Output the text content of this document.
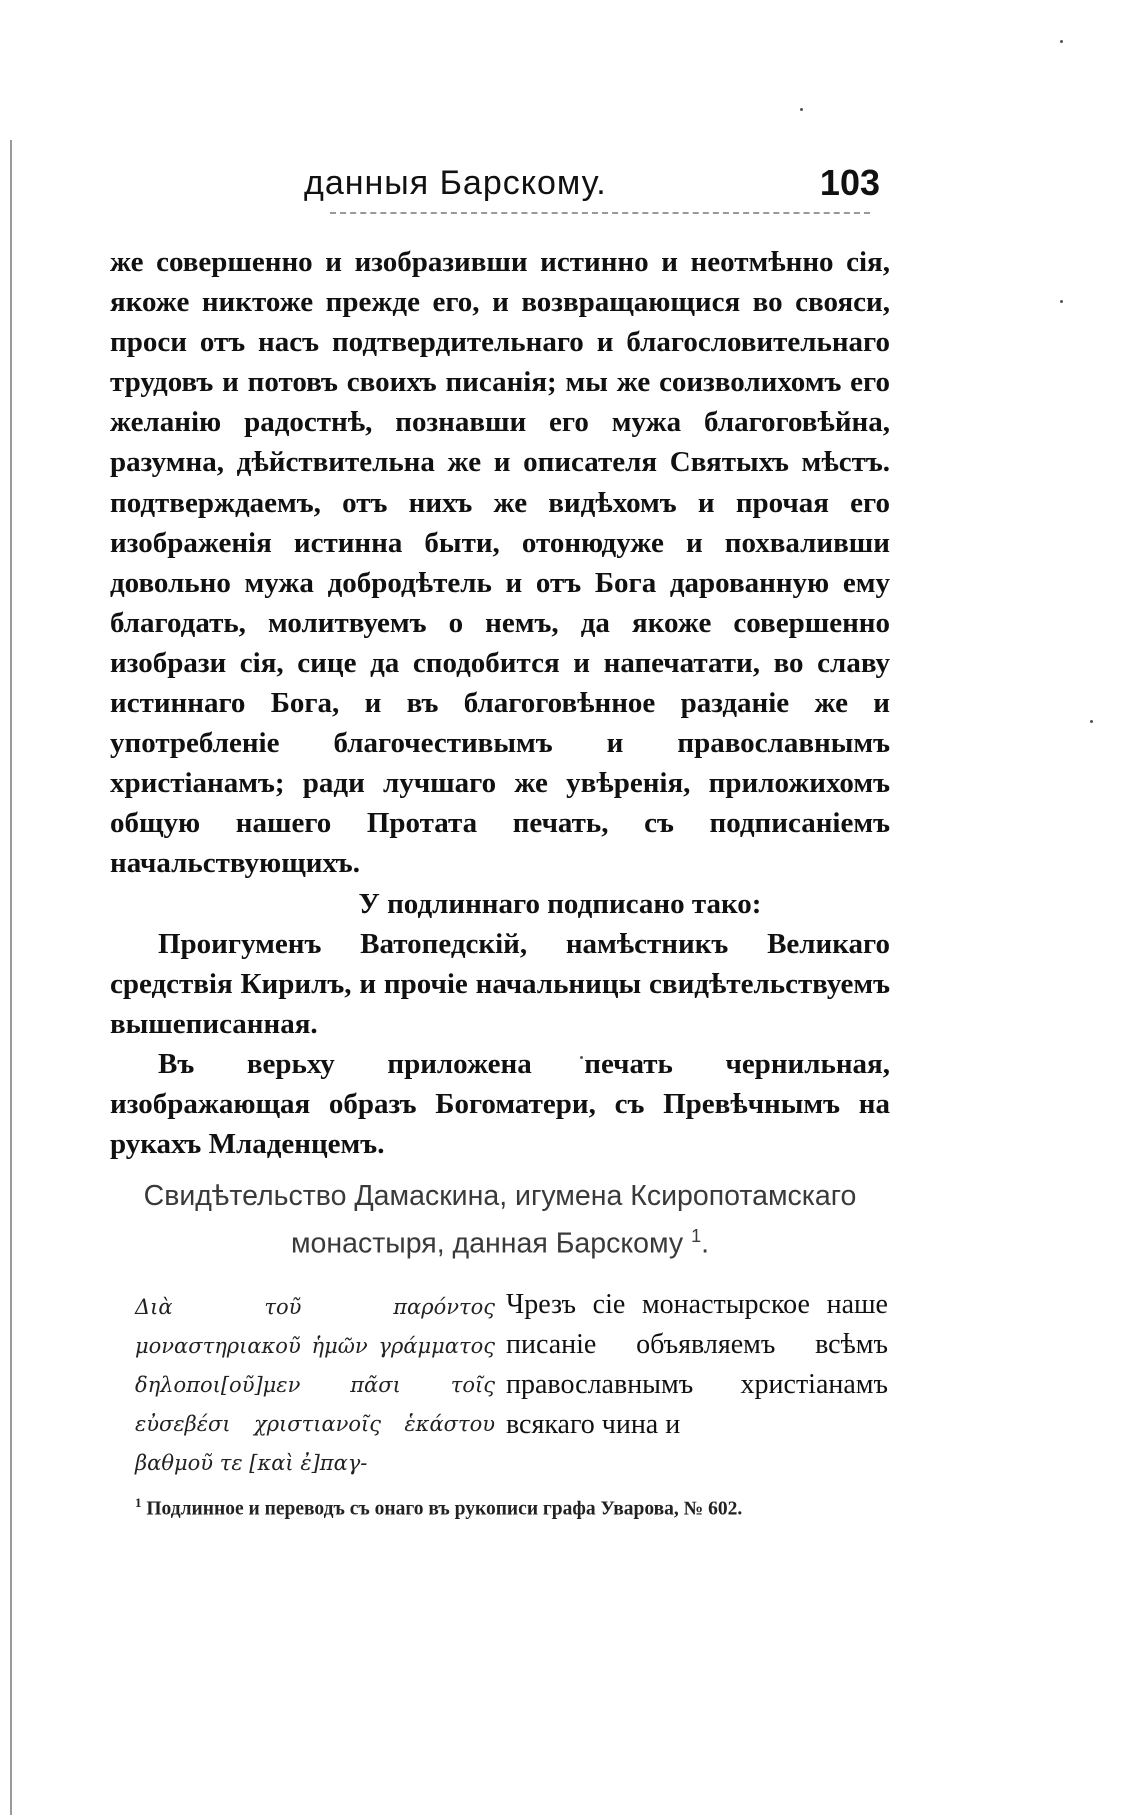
данныя Барскому.	103

же совершенно и изобразивши истинно и неотмѣнно сія, якоже никтоже прежде его, и возвращающися во свояси, проси отъ насъ подтвердительнаго и благословительнаго трудовъ и потовъ своихъ писанія; мы же соизволихомъ его желанію радостнѣ, познавши его мужа благоговѣйна, разумна, дѣйствительна же и описателя Святыхъ мѣстъ. подтверждаемъ, отъ нихъ же видѣхомъ и прочая его изображенія истинна быти, отонюдуже и похваливши довольно мужа добродѣтель и отъ Бога дарованную ему благодать, молитвуемъ о немъ, да якоже совершенно изобрази сія, сице да сподобится и напечатати, во славу истиннаго Бога, и въ благоговѣнное разданіе же и употребленіе благочестивымъ и православнымъ христіанамъ; ради лучшаго же увѣренія, приложихомъ общую нашего Протата печать, съ подписаніемъ начальствующихъ.

У подлиннаго подписано тако:

Проигуменъ Ватопедскій, намѣстникъ Великаго средствія Кирилъ, и прочіе начальницы свидѣтельствуемъ вышеписанная.

Въ верьху приложена печать чернильная, изображающая образъ Богоматери, съ Превѣчнымъ на рукахъ Младенцемъ.

Свидѣтельство Дамаскина, игумена Ксиропотамскаго монастыря, данная Барскому $^1$.

Διὰ τοῦ παρόντος μοναστηριακοῦ ἡμῶν γράμματος δηλοποι[οῦ]μεν πᾶσι τοῖς εὐσεβέσι χριστιανοῖς ἑκάστου βαθμοῦ τε [καὶ ἐ]παγ-

Чрезъ сіе монастырское наше писаніе объявляемъ всѣмъ православнымъ христіанамъ всякаго чина и

$^1$ Подлинное и переводъ съ онаго въ рукописи графа Уварова, № 602.
